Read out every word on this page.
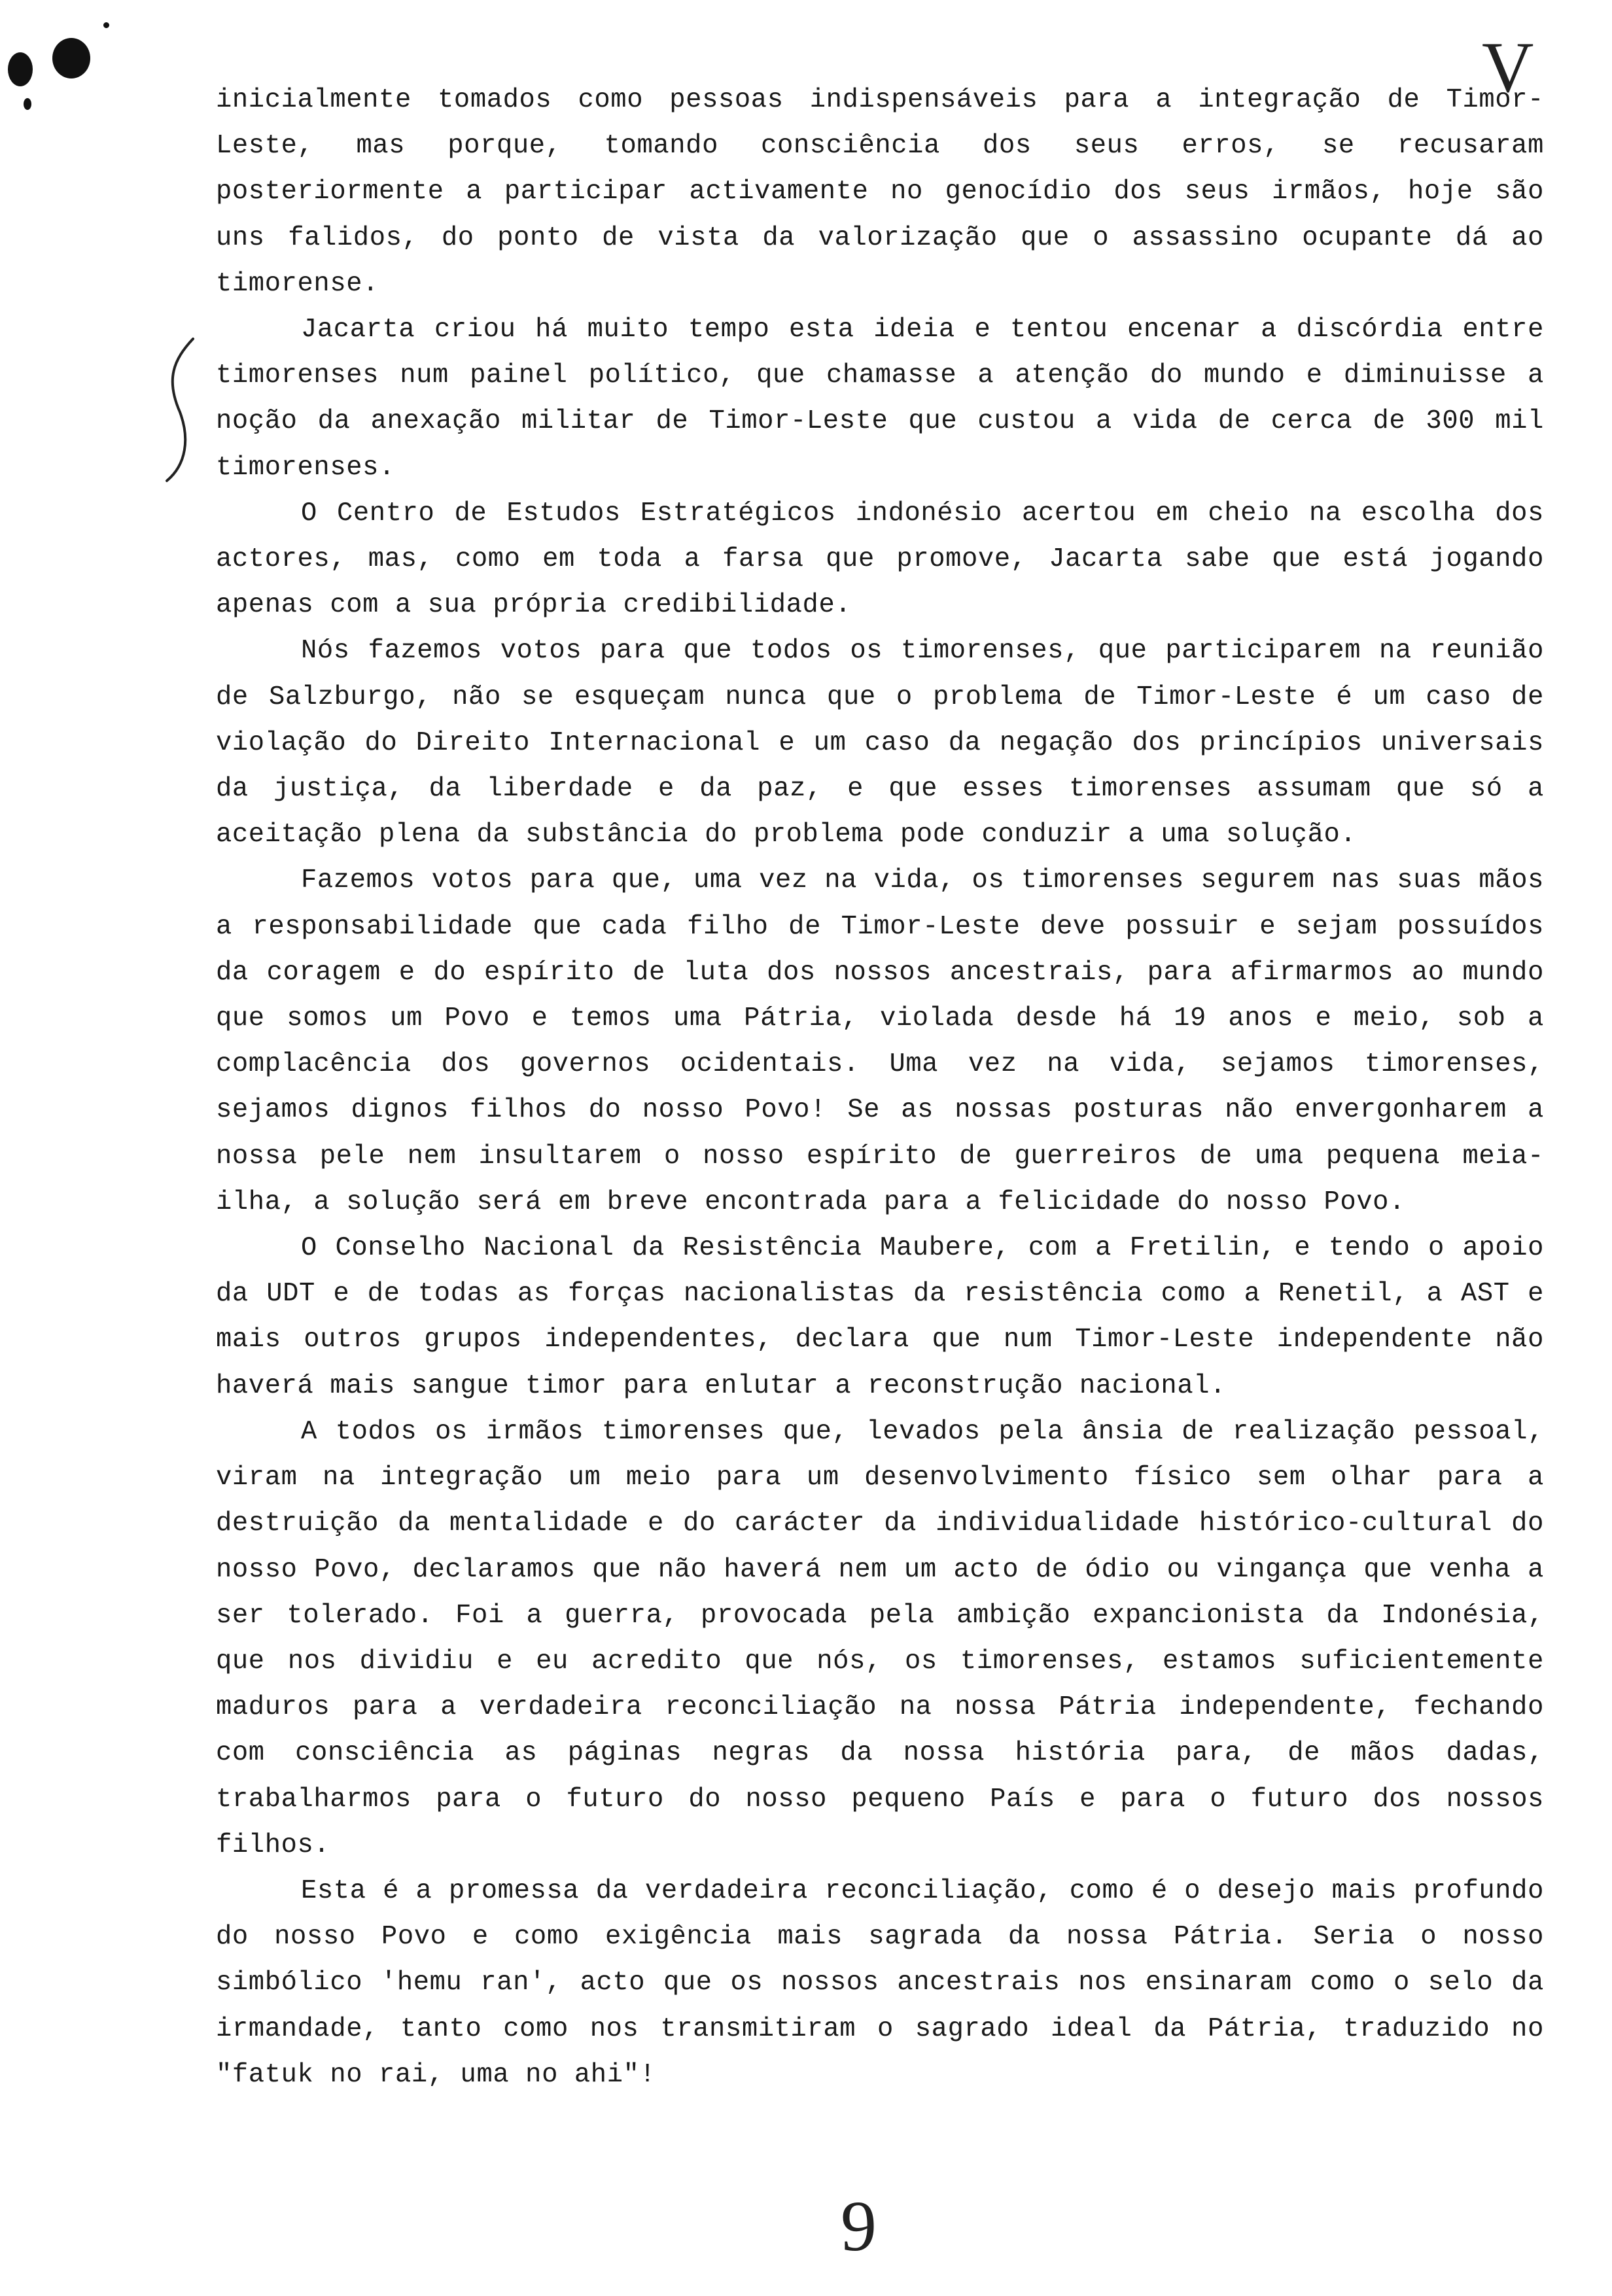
V

inicialmente tomados como pessoas indispensáveis para a integração de Timor-Leste, mas porque, tomando consciência dos seus erros, se recusaram posteriormente a participar activamente no genocídio dos seus irmãos, hoje são uns falidos, do ponto de vista da valorização que o assassino ocupante dá ao timorense.

Jacarta criou há muito tempo esta ideia e tentou encenar a discórdia entre timorenses num painel político, que chamasse a atenção do mundo e diminuisse a noção da anexação militar de Timor-Leste que custou a vida de cerca de 300 mil timorenses.

O Centro de Estudos Estratégicos indonésio acertou em cheio na escolha dos actores, mas, como em toda a farsa que promove, Jacarta sabe que está jogando apenas com a sua própria credibilidade.

Nós fazemos votos para que todos os timorenses, que participarem na reunião de Salzburgo, não se esqueçam nunca que o problema de Timor-Leste é um caso de violação do Direito Internacional e um caso da negação dos princípios universais da justiça, da liberdade e da paz, e que esses timorenses assumam que só a aceitação plena da substância do problema pode conduzir a uma solução.

Fazemos votos para que, uma vez na vida, os timorenses segurem nas suas mãos a responsabilidade que cada filho de Timor-Leste deve possuir e sejam possuídos da coragem e do espírito de luta dos nossos ancestrais, para afirmarmos ao mundo que somos um Povo e temos uma Pátria, violada desde há 19 anos e meio, sob a complacência dos governos ocidentais. Uma vez na vida, sejamos timorenses, sejamos dignos filhos do nosso Povo! Se as nossas posturas não envergonharem a nossa pele nem insultarem o nosso espírito de guerreiros de uma pequena meia-ilha, a solução será em breve encontrada para a felicidade do nosso Povo.

O Conselho Nacional da Resistência Maubere, com a Fretilin, e tendo o apoio da UDT e de todas as forças nacionalistas da resistência como a Renetil, a AST e mais outros grupos independentes, declara que num Timor-Leste independente não haverá mais sangue timor para enlutar a reconstrução nacional.

A todos os irmãos timorenses que, levados pela ânsia de realização pessoal, viram na integração um meio para um desenvolvimento físico sem olhar para a destruição da mentalidade e do carácter da individualidade histórico-cultural do nosso Povo, declaramos que não haverá nem um acto de ódio ou vingança que venha a ser tolerado. Foi a guerra, provocada pela ambição expancionista da Indonésia, que nos dividiu e eu acredito que nós, os timorenses, estamos suficientemente maduros para a verdadeira reconciliação na nossa Pátria independente, fechando com consciência as páginas negras da nossa história para, de mãos dadas, trabalharmos para o futuro do nosso pequeno País e para o futuro dos nossos filhos.

Esta é a promessa da verdadeira reconciliação, como é o desejo mais profundo do nosso Povo e como exigência mais sagrada da nossa Pátria. Seria o nosso simbólico 'hemu ran', acto que os nossos ancestrais nos ensinaram como o selo da irmandade, tanto como nos transmitiram o sagrado ideal da Pátria, traduzido no "fatuk no rai, uma no ahi"!

9
